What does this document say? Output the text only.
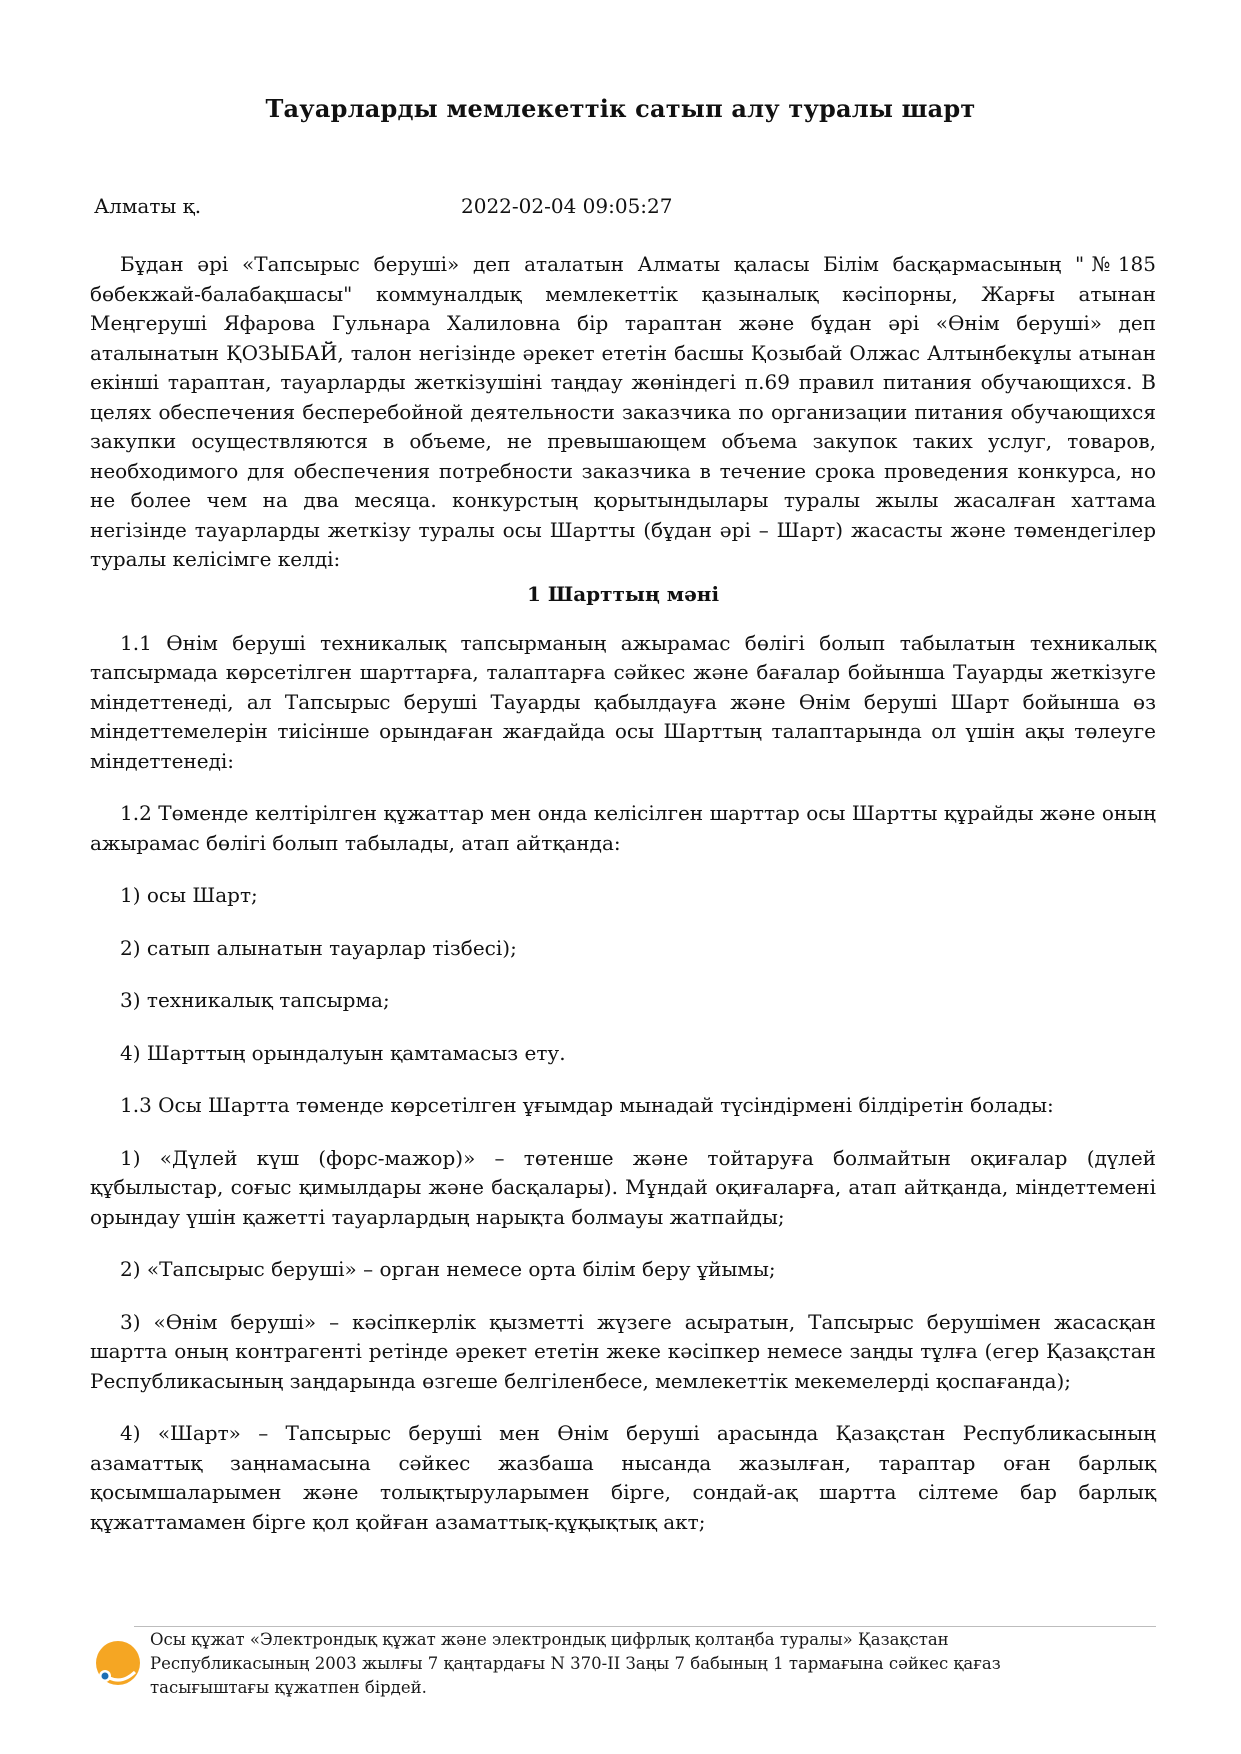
Тауарларды мемлекеттік сатып алу туралы шарт
Алматы қ.	2022-02-04 09:05:27

Бұдан әрі «Тапсырыс беруші» деп аталатын Алматы қаласы Білім басқармасының "№185 бөбекжай-балабақшасы" коммуналдық мемлекеттік қазыналық кәсіпорны, Жарғы атынан Меңгеруші Яфарова Гульнара Халиловна бір тараптан және бұдан әрі «Өнім беруші» деп аталынатын ҚОЗЫБАЙ, талон негізінде әрекет ететін басшы Қозыбай Олжас Алтынбекұлы атынан екінші тараптан, тауарларды жеткізушіні таңдау жөніндегі п.69 правил питания обучающихся. В целях обеспечения бесперебойной деятельности заказчика по организации питания обучающихся закупки осуществляются в объеме, не превышающем объема закупок таких услуг, товаров, необходимого для обеспечения потребности заказчика в течение срока проведения конкурса, но не более чем на два месяца. конкурстың қорытындылары туралы жылы жасалған хаттама негізінде тауарларды жеткізу туралы осы Шартты (бұдан әрі – Шарт) жасасты және төмендегілер туралы келісімге келді:

1 Шарттың мәні

1.1 Өнім беруші техникалық тапсырманың ажырамас бөлігі болып табылатын техникалық тапсырмада көрсетілген шарттарға, талаптарға сәйкес және бағалар бойынша Тауарды жеткізуге міндеттенеді, ал Тапсырыс беруші Тауарды қабылдауға және Өнім беруші Шарт бойынша өз міндеттемелерін тиісінше орындаған жағдайда осы Шарттың талаптарында ол үшін ақы төлеуге міндеттенеді:

1.2 Төменде келтірілген құжаттар мен онда келісілген шарттар осы Шартты құрайды және оның ажырамас бөлігі болып табылады, атап айтқанда:

1) осы Шарт;

2) сатып алынатын тауарлар тізбесі);

3) техникалық тапсырма;

4) Шарттың орындалуын қамтамасыз ету.

1.3 Осы Шартта төменде көрсетілген ұғымдар мынадай түсіндірмені білдіретін болады:

1) «Дүлей күш (форс-мажор)» – төтенше және тойтаруға болмайтын оқиғалар (дүлей құбылыстар, соғыс қимылдары және басқалары). Мұндай оқиғаларға, атап айтқанда, міндеттемені орындау үшін қажетті тауарлардың нарықта болмауы жатпайды;

2) «Тапсырыс беруші» – орган немесе орта білім беру ұйымы;

3) «Өнім беруші» – кәсіпкерлік қызметті жүзеге асыратын, Тапсырыс берушімен жасасқан шартта оның контрагенті ретінде әрекет ететін жеке кәсіпкер немесе заңды тұлға (егер Қазақстан Республикасының заңдарында өзгеше белгіленбесе, мемлекеттік мекемелерді қоспағанда);

4) «Шарт» – Тапсырыс беруші мен Өнім беруші арасында Қазақстан Республикасының азаматтық заңнамасына сәйкес жазбаша нысанда жазылған, тараптар оған барлық қосымшаларымен және толықтыруларымен бірге, сондай-ақ шартта сілтеме бар барлық құжаттамамен бірге қол қойған азаматтық-құқықтық акт;

Осы құжат «Электрондық құжат және электрондық цифрлық қолтаңба туралы» Қазақстан Республикасының 2003 жылғы 7 қаңтардағы N 370-II Заңы 7 бабының 1 тармағына сәйкес қағаз тасығыштағы құжатпен бірдей.
